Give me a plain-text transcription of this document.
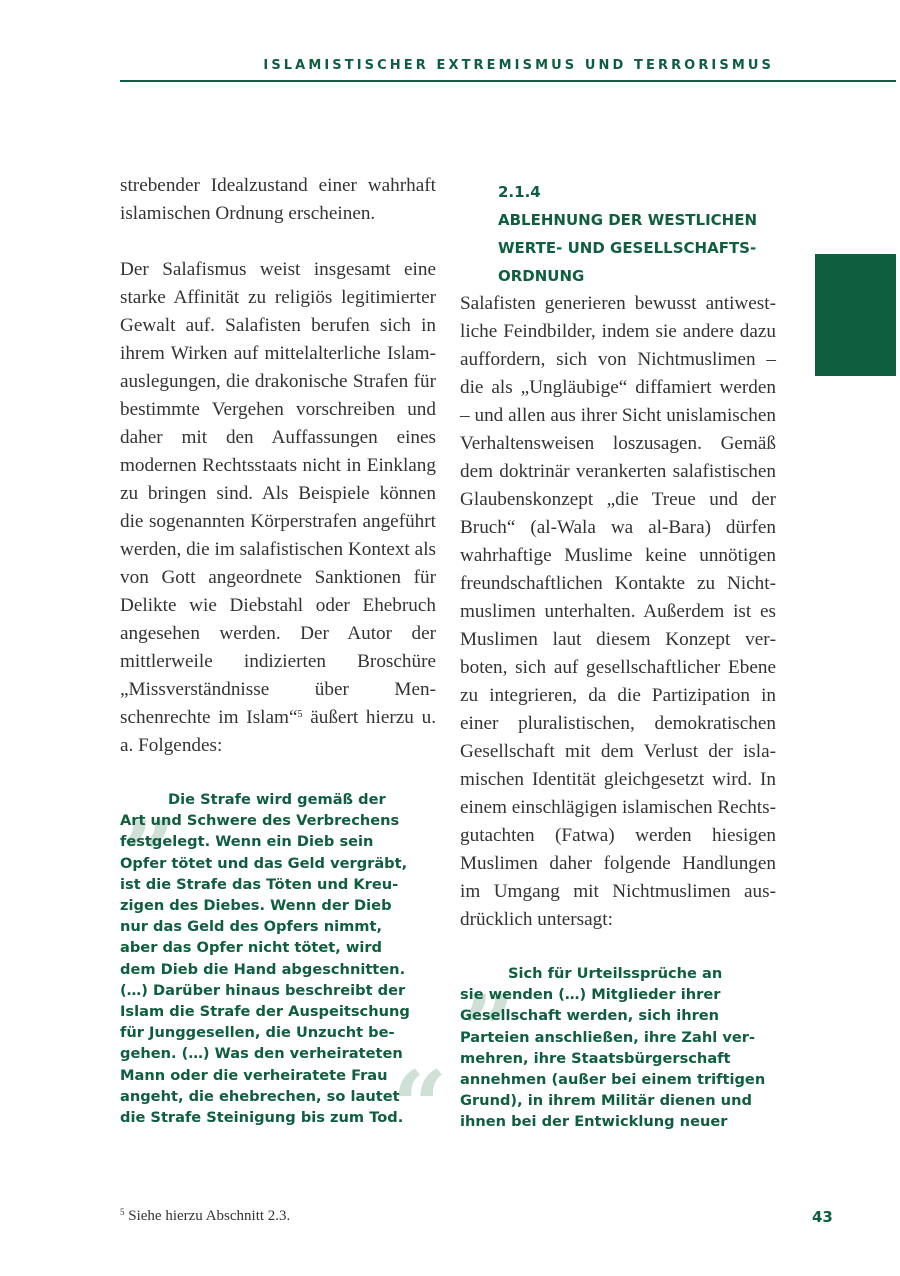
ISLAMISTISCHER EXTREMISMUS UND TERRORISMUS

strebender Idealzustand einer wahrhaft islamischen Ordnung erscheinen.

Der Salafismus weist insgesamt eine starke Affinität zu religiös legitimierter Gewalt auf. Salafisten berufen sich in ihrem Wirken auf mittelalterliche Islamauslegungen, die drakonische Strafen für bestimmte Vergehen vorschreiben und daher mit den Auffassungen eines modernen Rechtsstaats nicht in Einklang zu bringen sind. Als Beispiele können die sogenannten Körperstrafen angeführt werden, die im salafistischen Kontext als von Gott angeordnete Sanktionen für Delikte wie Diebstahl oder Ehebruch angesehen werden. Der Autor der mittlerweile indizierten Broschüre „Missverständnisse über Menschenrechte im Islam“$^5$ äußert hierzu u. a. Folgendes:

„
“
Die Strafe wird gemäß der
Art und Schwere des Verbrechens
festgelegt. Wenn ein Dieb sein
Opfer tötet und das Geld vergräbt,
ist die Strafe das Töten und Kreu-
zigen des Diebes. Wenn der Dieb
nur das Geld des Opfers nimmt,
aber das Opfer nicht tötet, wird
dem Dieb die Hand abgeschnitten.
(…) Darüber hinaus beschreibt der
Islam die Strafe der Auspeitschung
für Junggesellen, die Unzucht be-
gehen. (…) Was den verheirateten
Mann oder die verheiratete Frau
angeht, die ehebrechen, so lautet
die Strafe Steinigung bis zum Tod.
2.1.4
ABLEHNUNG DER WESTLICHEN
WERTE- UND GESELLSCHAFTS-
ORDNUNG

Salafisten generieren bewusst antiwestliche Feindbilder, indem sie andere dazu auffordern, sich von Nichtmuslimen – die als „Ungläubige“ diffamiert werden – und allen aus ihrer Sicht unislamischen Verhaltensweisen loszusagen. Gemäß dem doktrinär verankerten salafistischen Glaubenskonzept „die Treue und der Bruch“ (al-Wala wa al-Bara) dürfen wahrhaftige Muslime keine unnötigen freundschaftlichen Kontakte zu Nichtmuslimen unterhalten. Außerdem ist es Muslimen laut diesem Konzept verboten, sich auf gesellschaftlicher Ebene zu integrieren, da die Partizipation in einer pluralistischen, demokratischen Gesellschaft mit dem Verlust der islamischen Identität gleichgesetzt wird. In einem einschlägigen islamischen Rechtsgutachten (Fatwa) werden hiesigen Muslimen daher folgende Handlungen im Umgang mit Nichtmuslimen ausdrücklich untersagt:

„
Sich für Urteilssprüche an
sie wenden (…) Mitglieder ihrer
Gesellschaft werden, sich ihren
Parteien anschließen, ihre Zahl ver-
mehren, ihre Staatsbürgerschaft
annehmen (außer bei einem triftigen
Grund), in ihrem Militär dienen und
ihnen bei der Entwicklung neuer
$^5$ Siehe hierzu Abschnitt 2.3.	43
